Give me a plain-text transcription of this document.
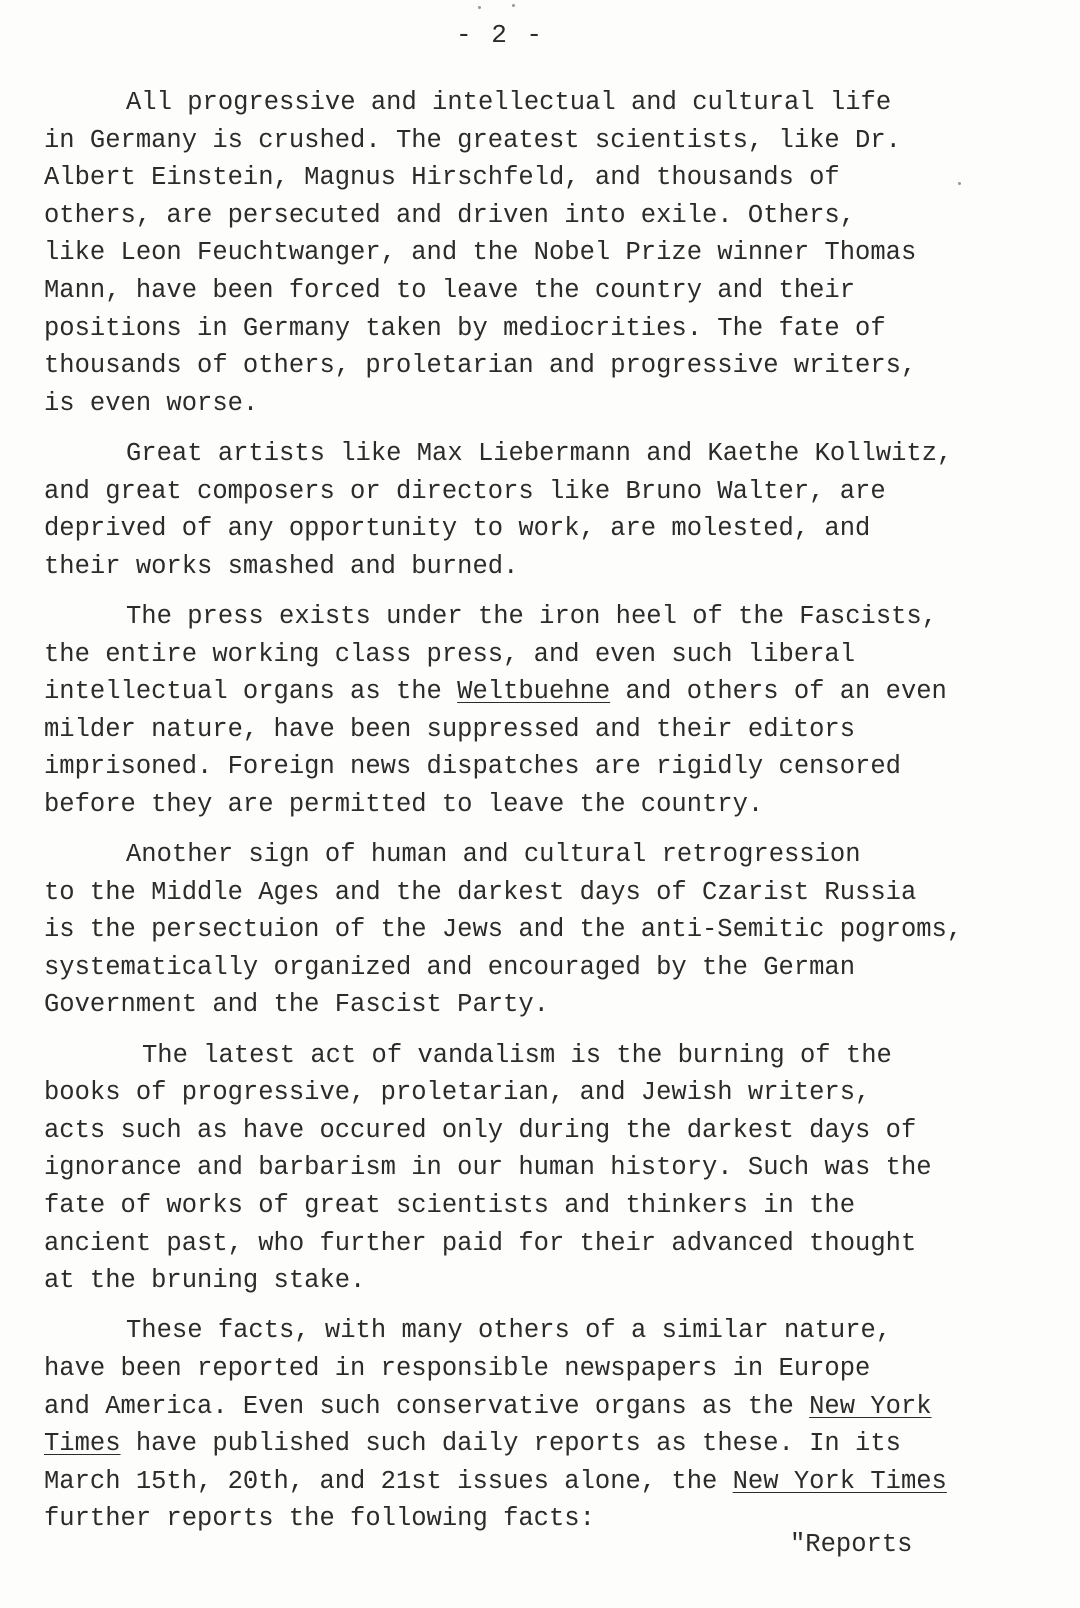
- 2 -
All progressive and intellectual and cultural life
in Germany is crushed. The greatest scientists, like Dr.
Albert Einstein, Magnus Hirschfeld, and thousands of
others, are persecuted and driven into exile. Others,
like Leon Feuchtwanger, and the Nobel Prize winner Thomas
Mann, have been forced to leave the country and their
positions in Germany taken by mediocrities. The fate of
thousands of others, proletarian and progressive writers,
is even worse.
Great artists like Max Liebermann and Kaethe Kollwitz,
and great composers or directors like Bruno Walter, are
deprived of any opportunity to work, are molested, and
their works smashed and burned.
The press exists under the iron heel of the Fascists,
the entire working class press, and even such liberal
intellectual organs as the Weltbuehne and others of an even
milder nature, have been suppressed and their editors
imprisoned. Foreign news dispatches are rigidly censored
before they are permitted to leave the country.
Another sign of human and cultural retrogression
to the Middle Ages and the darkest days of Czarist Russia
is the persectuion of the Jews and the anti-Semitic pogroms,
systematically organized and encouraged by the German
Government and the Fascist Party.
The latest act of vandalism is the burning of the
books of progressive, proletarian, and Jewish writers,
acts such as have occured only during the darkest days of
ignorance and barbarism in our human history. Such was the
fate of works of great scientists and thinkers in the
ancient past, who further paid for their advanced thought
at the bruning stake.
These facts, with many others of a similar nature,
have been reported in responsible newspapers in Europe
and America. Even such conservative organs as the New York
Times have published such daily reports as these. In its
March 15th, 20th, and 21st issues alone, the New York Times
further reports the following facts:
"Reports
